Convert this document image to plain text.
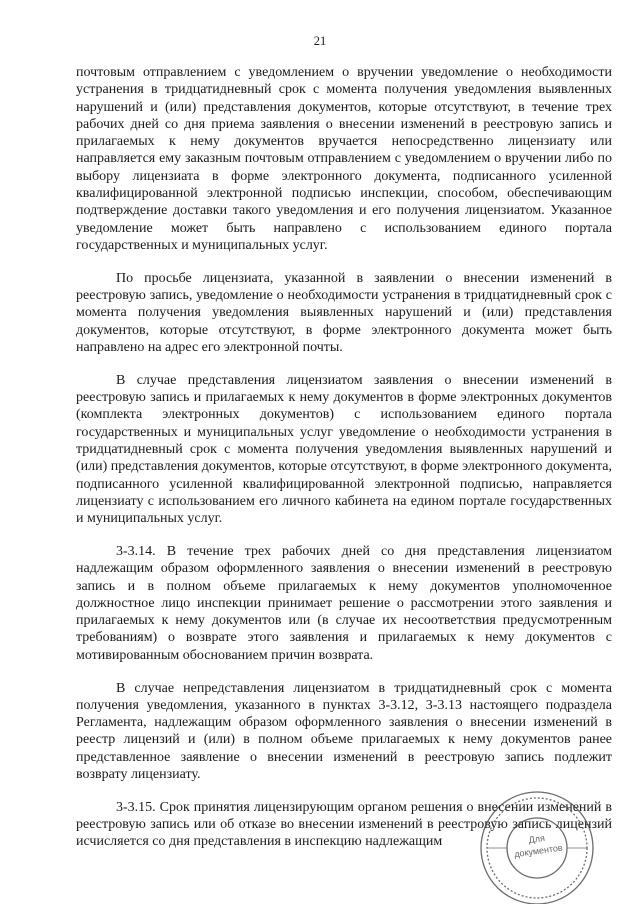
21

почтовым отправлением с уведомлением о вручении уведомление о необходимости устранения в тридцатидневный срок с момента получения уведомления выявленных нарушений и (или) представления документов, которые отсутствуют, в течение трех рабочих дней со дня приема заявления о внесении изменений в реестровую запись и прилагаемых к нему документов вручается непосредственно лицензиату или направляется ему заказным почтовым отправлением с уведомлением о вручении либо по выбору лицензиата в форме электронного документа, подписанного усиленной квалифицированной электронной подписью инспекции, способом, обеспечивающим подтверждение доставки такого уведомления и его получения лицензиатом. Указанное уведомление может быть направлено с использованием единого портала государственных и муниципальных услуг.

По просьбе лицензиата, указанной в заявлении о внесении изменений в реестровую запись, уведомление о необходимости устранения в тридцатидневный срок с момента получения уведомления выявленных нарушений и (или) представления документов, которые отсутствуют, в форме электронного документа может быть направлено на адрес его электронной почты.

В случае представления лицензиатом заявления о внесении изменений в реестровую запись и прилагаемых к нему документов в форме электронных документов (комплекта электронных документов) с использованием единого портала государственных и муниципальных услуг уведомление о необходимости устранения в тридцатидневный срок с момента получения уведомления выявленных нарушений и (или) представления документов, которые отсутствуют, в форме электронного документа, подписанного усиленной квалифицированной электронной подписью, направляется лицензиату с использованием его личного кабинета на едином портале государственных и муниципальных услуг.

3-3.14. В течение трех рабочих дней со дня представления лицензиатом надлежащим образом оформленного заявления о внесении изменений в реестровую запись и в полном объеме прилагаемых к нему документов уполномоченное должностное лицо инспекции принимает решение о рассмотрении этого заявления и прилагаемых к нему документов или (в случае их несоответствия предусмотренным требованиям) о возврате этого заявления и прилагаемых к нему документов с мотивированным обоснованием причин возврата.

В случае непредставления лицензиатом в тридцатидневный срок с момента получения уведомления, указанного в пунктах 3-3.12, 3-3.13 настоящего подраздела Регламента, надлежащим образом оформленного заявления о внесении изменений в реестр лицензий и (или) в полном объеме прилагаемых к нему документов ранее представленное заявление о внесении изменений в реестровую запись подлежит возврату лицензиату.

3-3.15. Срок принятия лицензирующим органом решения о внесении изменений в реестровую запись или об отказе во внесении изменений в реестровую запись лицензий исчисляется со дня представления в инспекцию надлежащим	Для
документов
